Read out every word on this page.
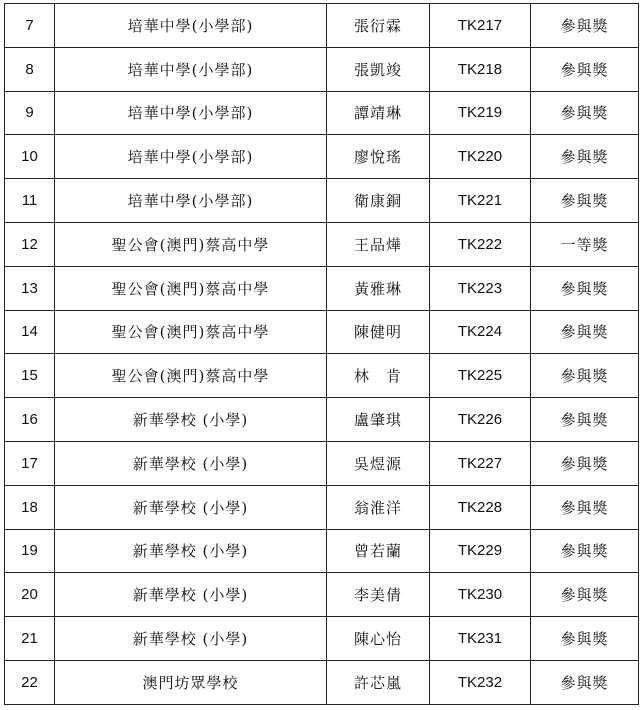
7	培華中學(小學部)	張衍霖	TK217	參與獎
8	培華中學(小學部)	張凱竣	TK218	參與獎
9	培華中學(小學部)	譚靖琳	TK219	參與獎
10	培華中學(小學部)	廖悅瑤	TK220	參與獎
11	培華中學(小學部)	衛康銅	TK221	參與獎
12	聖公會(澳門)蔡高中學	王品燁	TK222	一等獎
13	聖公會(澳門)蔡高中學	黃雅琳	TK223	參與獎
14	聖公會(澳門)蔡高中學	陳健明	TK224	參與獎
15	聖公會(澳門)蔡高中學	林　肯	TK225	參與獎
16	新華學校 (小學)	盧肇琪	TK226	參與獎
17	新華學校 (小學)	吳煜源	TK227	參與獎
18	新華學校 (小學)	翁淮洋	TK228	參與獎
19	新華學校 (小學)	曾若蘭	TK229	參與獎
20	新華學校 (小學)	李美倩	TK230	參與獎
21	新華學校 (小學)	陳心怡	TK231	參與獎
22	澳門坊眾學校	許芯嵐	TK232	參與獎
